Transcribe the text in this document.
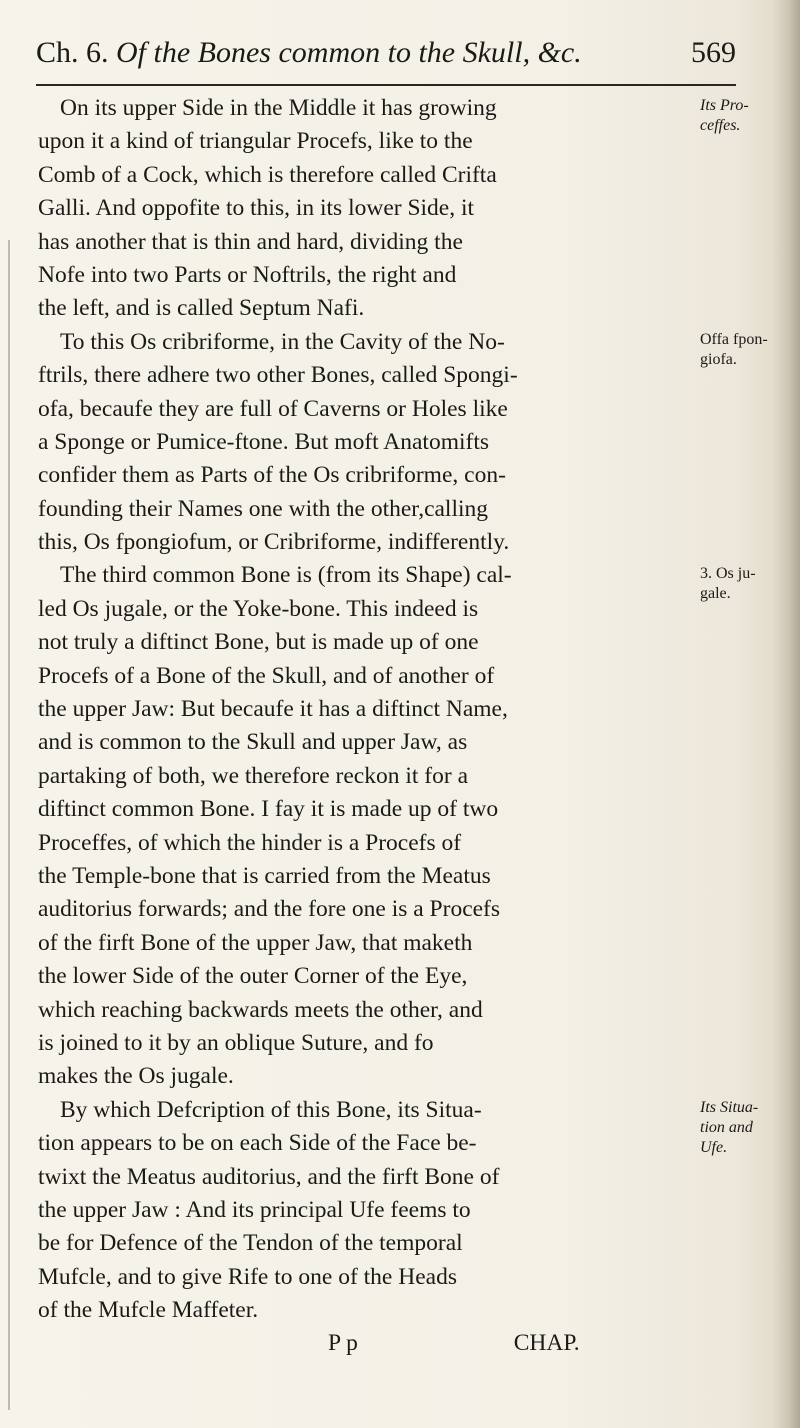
Ch. 6. Of the Bones common to the Skull, &c.	569
On its upper Side in the Middle it has growing
upon it a kind of triangular Procefs, like to the
Comb of a Cock, which is therefore called Crifta
Galli. And oppofite to this, in its lower Side, it
has another that is thin and hard, dividing the
Nofe into two Parts or Noftrils, the right and
the left, and is called Septum Nafi.
To this Os cribriforme, in the Cavity of the No-
ftrils, there adhere two other Bones, called Spongi-
ofa, becaufe they are full of Caverns or Holes like
a Sponge or Pumice-ftone. But moft Anatomifts
confider them as Parts of the Os cribriforme, con-
founding their Names one with the other,calling
this, Os fpongiofum, or Cribriforme, indifferently.
The third common Bone is (from its Shape) cal-
led Os jugale, or the Yoke-bone. This indeed is
not truly a diftinct Bone, but is made up of one
Procefs of a Bone of the Skull, and of another of
the upper Jaw: But becaufe it has a diftinct Name,
and is common to the Skull and upper Jaw, as
partaking of both, we therefore reckon it for a
diftinct common Bone. I fay it is made up of two
Proceffes, of which the hinder is a Procefs of
the Temple-bone that is carried from the Meatus
auditorius forwards; and the fore one is a Procefs
of the firft Bone of the upper Jaw, that maketh
the lower Side of the outer Corner of the Eye,
which reaching backwards meets the other, and
is joined to it by an oblique Suture, and fo
makes the Os jugale.
By which Defcription of this Bone, its Situa-
tion appears to be on each Side of the Face be-
twixt the Meatus auditorius, and the firft Bone of
the upper Jaw : And its principal Ufe feems to
be for Defence of the Tendon of the temporal
Mufcle, and to give Rife to one of the Heads
of the Mufcle Maffeter.
P p	CHAP.
Its Pro-
ceffes.
Offa fpon-
giofa.
3. Os ju-
gale.
Its Situa-
tion and
Ufe.
